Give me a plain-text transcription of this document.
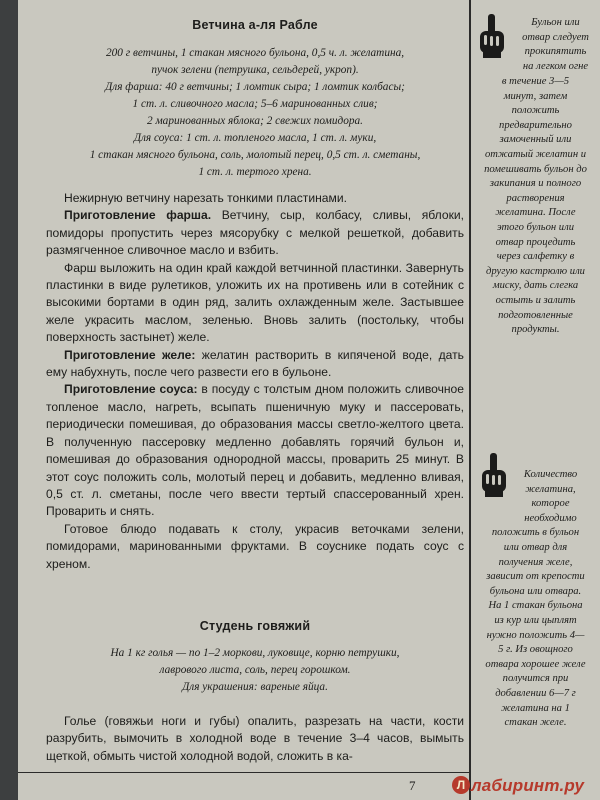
Ветчина а-ля Рабле

200 г ветчины, 1 стакан мясного бульона, 0,5 ч. л. желатина,

пучок зелени (петрушка, сельдерей, укроп).

Для фарша: 40 г ветчины; 1 ломтик сыра; 1 ломтик колбасы;

1 ст. л. сливочного масла; 5–6 маринованных слив;

2 маринованных яблока; 2 свежих помидора.

Для соуса: 1 ст. л. топленого масла, 1 ст. л. муки,

1 стакан мясного бульона, соль, молотый перец, 0,5 ст. л. сметаны,

1 ст. л. тертого хрена.

Нежирную ветчину нарезать тонкими пластинами.

Приготовление фарша. Ветчину, сыр, колбасу, сливы, яблоки, помидоры пропустить через мясорубку с мелкой решеткой, добавить размягченное сливочное масло и взбить.

Фарш выложить на один край каждой ветчинной пластинки. Завернуть пластинки в виде рулетиков, уложить их на противень или в сотейник с высокими бортами в один ряд, залить охлажденным желе. Застывшее желе украсить маслом, зеленью. Вновь залить (постольку, чтобы поверхность застынет) желе.

Приготовление желе: желатин растворить в кипяченой воде, дать ему набухнуть, после чего развести его в бульоне.

Приготовление соуса: в посуду с толстым дном положить сливочное топленое масло, нагреть, всыпать пшеничную муку и пассеровать, периодически помешивая, до образования массы светло-желтого цвета. В полученную пассеровку медленно добавлять горячий бульон и, помешивая до образования однородной массы, проварить 25 минут. В этот соус положить соль, молотый перец и добавить, медленно вливая, 0,5 ст. л. сметаны, после чего ввести тертый спассерованный хрен. Проварить и снять.

Готовое блюдо подавать к столу, украсив веточками зелени, помидорами, маринованными фруктами. В соуснике подать соус с хреном.

Студень говяжий

На 1 кг голья — по 1–2 моркови, луковице, корню петрушки,

лаврового листа, соль, перец горошком.

Для украшения: вареные яйца.

Голье (говяжьи ноги и губы) опалить, разрезать на части, кости разрубить, вымочить в холодной воде в течение 3–4 часов, вымыть щеткой, обмыть чистой холодной водой, сложить в ка-

Бульон или

отвар следует

прокипятить

на легком огне

в течение 3—5

минут, затем

положить

предварительно

замоченный или

отжатый желатин и

помешивать бульон до

закипания и полного

растворения

желатина. После

этого бульон или

отвар процедить

через салфетку в

другую кастрюлю или

миску, дать слегка

остыть и залить

подготовленные

продукты.

Количество

желатина,

которое

необходимо

положить в бульон

или отвар для

получения желе,

зависит от крепости

бульона или отвара.

На 1 стакан бульона

из кур или цыплят

нужно положить 4—

5 г. Из овощного

отвара хорошее желе

получится при

добавлении 6—7 г

желатина на 1

стакан желе.

7	Л лабиринт.ру
